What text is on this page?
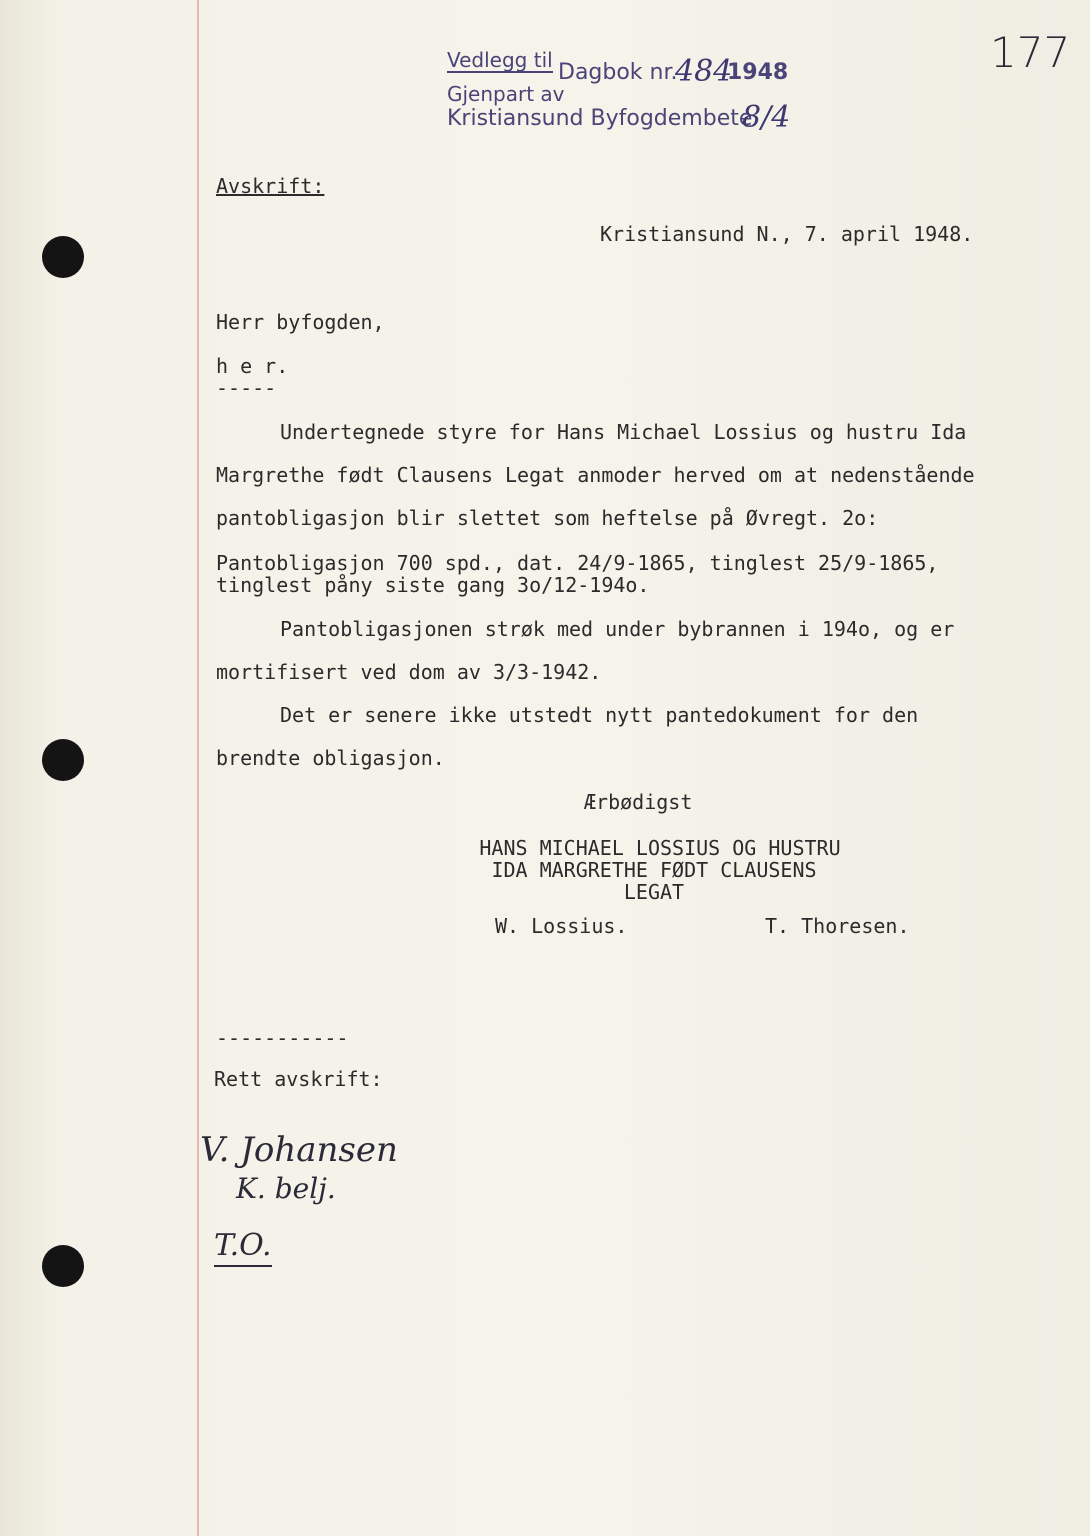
Vedlegg til Dagbok nr.
484
1948
Gjenpart av
Kristiansund Byfogdembete
8/4
177
Avskrift:
Kristiansund N., 7. april 1948.
Herr byfogden,
h e r.
-----
Undertegnede styre for Hans Michael Lossius og hustru Ida
Margrethe født Clausens Legat anmoder herved om at nedenstående
pantobligasjon blir slettet som heftelse på Øvregt. 2o:
Pantobligasjon 700 spd., dat. 24/9-1865, tinglest 25/9-1865,
tinglest påny siste gang 3o/12-194o.
Pantobligasjonen strøk med under bybrannen i 194o, og er
mortifisert ved dom av 3/3-1942.
Det er senere ikke utstedt nytt pantedokument for den
brendte obligasjon.
Ærbødigst
HANS MICHAEL LOSSIUS OG HUSTRU
IDA MARGRETHE FØDT CLAUSENS
LEGAT
W. Lossius.	T. Thoresen.
-----------
Rett avskrift:
V. Johansen
K. belj.
T.O.
